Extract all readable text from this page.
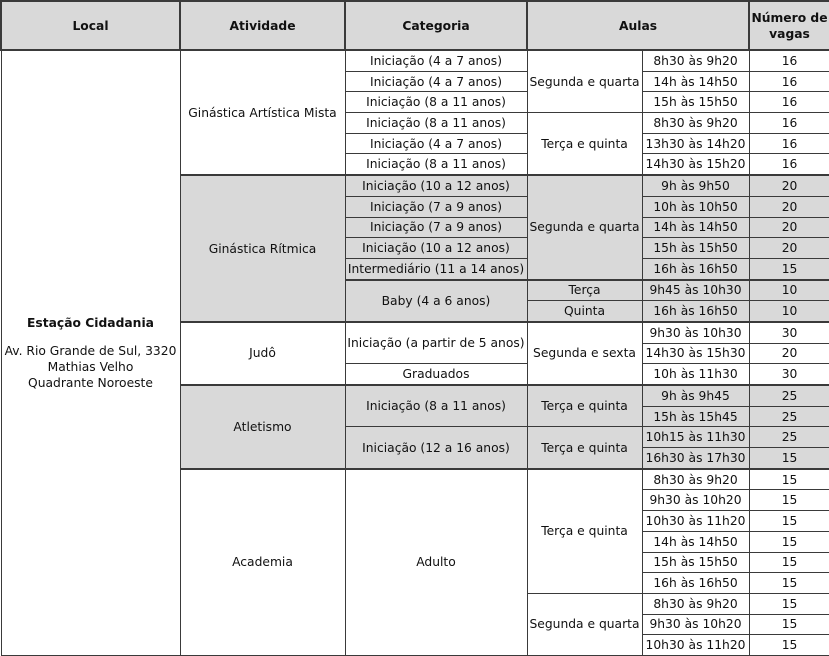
Local	Atividade	Categoria	Aulas		Número de vagas

Estação Cidadania
Av. Rio Grande de Sul, 3320
Mathias Velho
Quadrante Noroeste	Ginástica Artística Mista	Iniciação (4 a 7 anos)	Segunda e quarta	8h30 às 9h20	16
		Iniciação (4 a 7 anos)		14h às 14h50	16
		Iniciação (8 a 11 anos)		15h às 15h50	16
		Iniciação (8 a 11 anos)	Terça e quinta	8h30 às 9h20	16
		Iniciação (4 a 7 anos)		13h30 às 14h20	16
		Iniciação (8 a 11 anos)		14h30 às 15h20	16
	Ginástica Rítmica	Iniciação (10 a 12 anos)	Segunda e quarta	9h às 9h50	20
		Iniciação (7 a 9 anos)		10h às 10h50	20
		Iniciação (7 a 9 anos)		14h às 14h50	20
		Iniciação (10 a 12 anos)		15h às 15h50	20
		Intermediário (11 a 14 anos)		16h às 16h50	15
		Baby (4 a 6 anos)	Terça	9h45 às 10h30	10
			Quinta	16h às 16h50	10
	Judô	Iniciação (a partir de 5 anos)	Segunda e sexta	9h30 às 10h30	30
				14h30 às 15h30	20
		Graduados		10h às 11h30	30
	Atletismo	Iniciação (8 a 11 anos)	Terça e quinta	9h às 9h45	25
				15h às 15h45	25
		Iniciação (12 a 16 anos)	Terça e quinta	10h15 às 11h30	25
				16h30 às 17h30	15
	Academia	Adulto	Terça e quinta	8h30 às 9h20	15
				9h30 às 10h20	15
				10h30 às 11h20	15
				14h às 14h50	15
				15h às 15h50	15
				16h às 16h50	15
			Segunda e quarta	8h30 às 9h20	15
				9h30 às 10h20	15
				10h30 às 11h20	15
